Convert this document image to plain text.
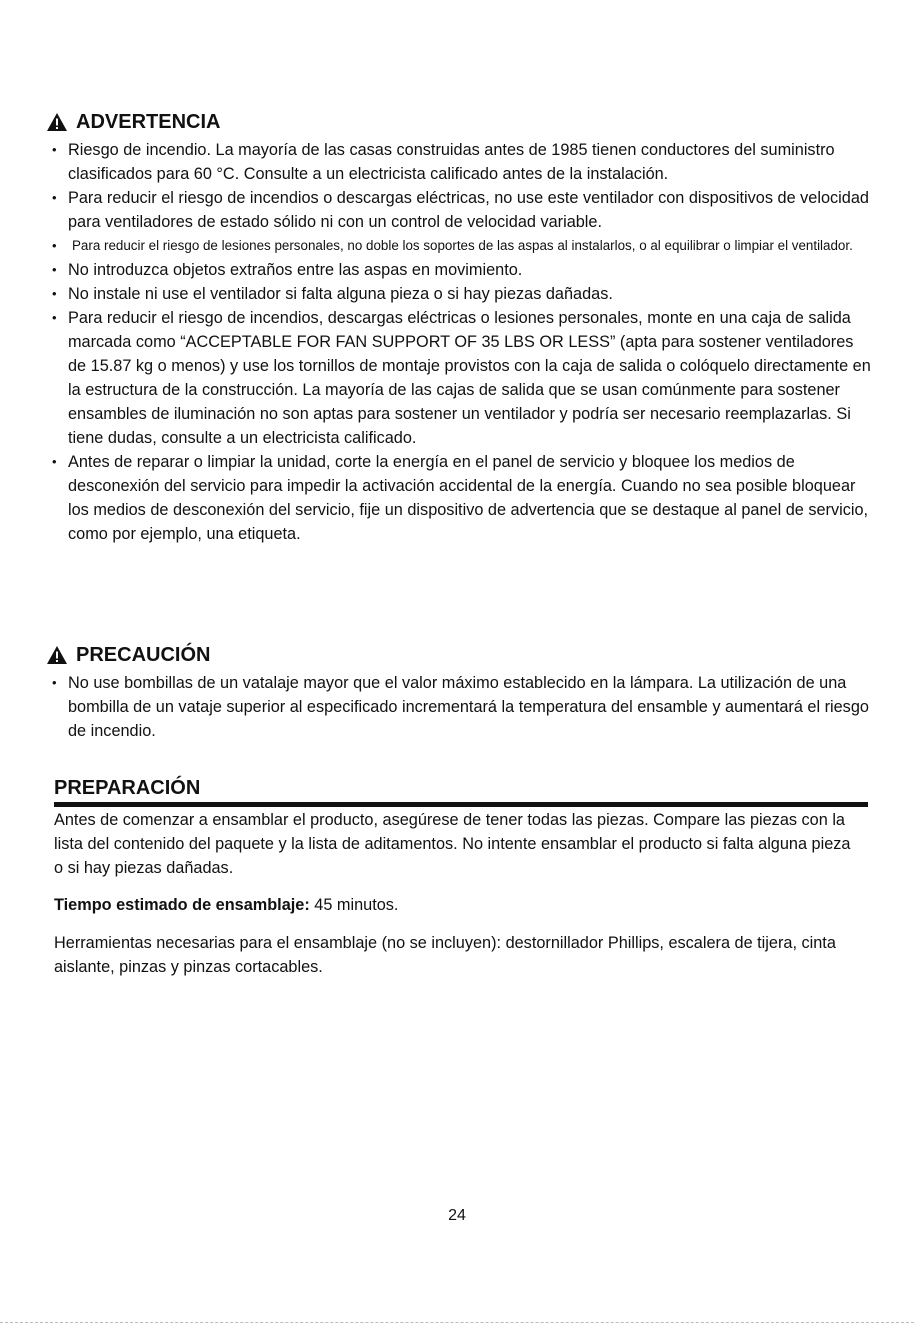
ADVERTENCIA
• Riesgo de incendio. La mayoría de las casas construidas antes de 1985 tienen conductores del suministro clasificados para 60 °C. Consulte a un electricista calificado antes de la instalación.
• Para reducir el riesgo de incendios o descargas eléctricas, no use este ventilador con dispositivos de velocidad para ventiladores de estado sólido ni con un control de velocidad variable.
• Para reducir el riesgo de lesiones personales, no doble los soportes de las aspas al instalarlos, o al equilibrar o limpiar el ventilador.
• No introduzca objetos extraños entre las aspas en movimiento.
• No instale ni use el ventilador si falta alguna pieza o si hay piezas dañadas.
• Para reducir el riesgo de incendios, descargas eléctricas o lesiones personales, monte en una caja de salida marcada como “ACCEPTABLE FOR FAN SUPPORT OF 35 LBS OR LESS” (apta para sostener ventiladores de 15.87 kg o menos) y use los tornillos de montaje provistos con la caja de salida o colóquelo directamente en la estructura de la construcción. La mayoría de las cajas de salida que se usan comúnmente para sostener ensambles de iluminación no son aptas para sostener un ventilador y podría ser necesario reemplazarlas. Si tiene dudas, consulte a un electricista calificado.
• Antes de reparar o limpiar la unidad, corte la energía en el panel de servicio y bloquee los medios de desconexión del servicio para impedir la activación accidental de la energía. Cuando no sea posible bloquear los medios de desconexión del servicio, fije un dispositivo de advertencia que se destaque al panel de servicio, como por ejemplo, una etiqueta.
PRECAUCIÓN
• No use bombillas de un vatalaje mayor que el valor máximo establecido en la lámpara. La utilización de una bombilla de un vataje superior al especificado incrementará la temperatura del ensamble y aumentará el riesgo de incendio.
PREPARACIÓN

Antes de comenzar a ensamblar el producto, asegúrese de tener todas las piezas. Compare las piezas con la lista del contenido del paquete y la lista de aditamentos. No intente ensamblar el producto si falta alguna pieza o si hay piezas dañadas.

Tiempo estimado de ensamblaje: 45 minutos.

Herramientas necesarias para el ensamblaje (no se incluyen): destornillador Phillips, escalera de tijera, cinta aislante, pinzas y pinzas cortacables.

24
